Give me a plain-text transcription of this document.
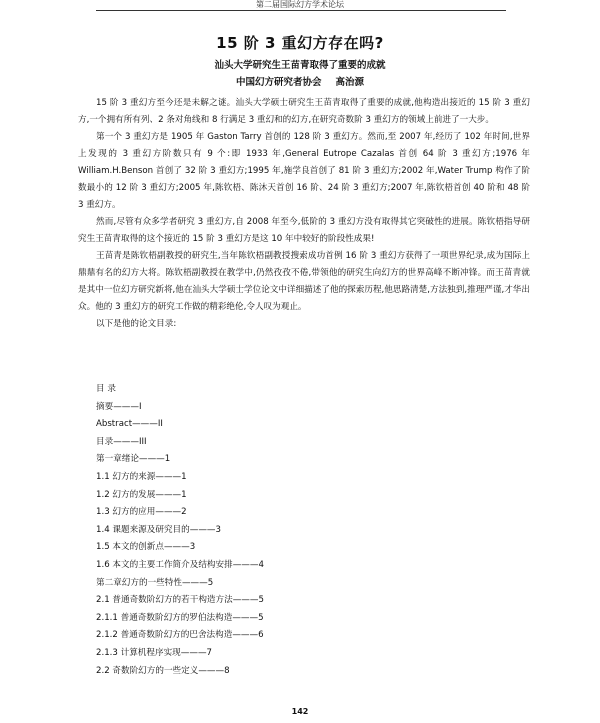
第二届国际幻方学术论坛
15 阶 3 重幻方存在吗?
汕头大学研究生王苗青取得了重要的成就
中国幻方研究者协会 高治源

15 阶 3 重幻方至今还是未解之谜。汕头大学硕士研究生王苗青取得了重要的成就,他构造出接近的 15 阶 3 重幻方,一个拥有所有列、2 条对角线和 8 行满足 3 重幻和的幻方,在研究奇数阶 3 重幻方的领域上前进了一大步。

第一个 3 重幻方是 1905 年 Gaston Tarry 首创的 128 阶 3 重幻方。然而,至 2007 年,经历了 102 年时间,世界上发现的 3 重幻方阶数只有 9 个:即 1933 年,General Eutrope Cazalas 首创 64 阶 3 重幻方;1976 年 William.H.Benson 首创了 32 阶 3 重幻方;1995 年,施学良首创了 81 阶 3 重幻方;2002 年,Water Trump 构作了阶数最小的 12 阶 3 重幻方;2005 年,陈钦梧、陈沐天首创 16 阶、24 阶 3 重幻方;2007 年,陈钦梧首创 40 阶和 48 阶 3 重幻方。

然而,尽管有众多学者研究 3 重幻方,自 2008 年至今,低阶的 3 重幻方没有取得其它突破性的进展。陈钦梧指导研究生王苗青取得的这个接近的 15 阶 3 重幻方是这 10 年中较好的阶段性成果!

王苗青是陈钦梧副教授的研究生,当年陈钦梧副教授搜索成功首例 16 阶 3 重幻方获得了一项世界纪录,成为国际上鼎鼎有名的幻方大将。陈钦梧副教授在教学中,仍然孜孜不倦,带领他的研究生向幻方的世界高峰不断冲锋。而王苗青就是其中一位幻方研究新将,他在汕头大学硕士学位论文中详细描述了他的探索历程,他思路清楚,方法独到,推理严谨,才华出众。他的 3 重幻方的研究工作做的精彩绝伦,令人叹为观止。

以下是他的论文目录:

目 录
摘要———I
Abstract———II
目录———III
第一章绪论———1
1.1 幻方的来源———1
1.2 幻方的发展———1
1.3 幻方的应用———2
1.4 课题来源及研究目的———3
1.5 本文的创新点———3
1.6 本文的主要工作简介及结构安排———4
第二章幻方的一些特性———5
2.1 普通奇数阶幻方的若干构造方法———5
2.1.1 普通奇数阶幻方的罗伯法构造———5
2.1.2 普通奇数阶幻方的巴舍法构造———6
2.1.3 计算机程序实现———7
2.2 奇数阶幻方的一些定义———8
142
